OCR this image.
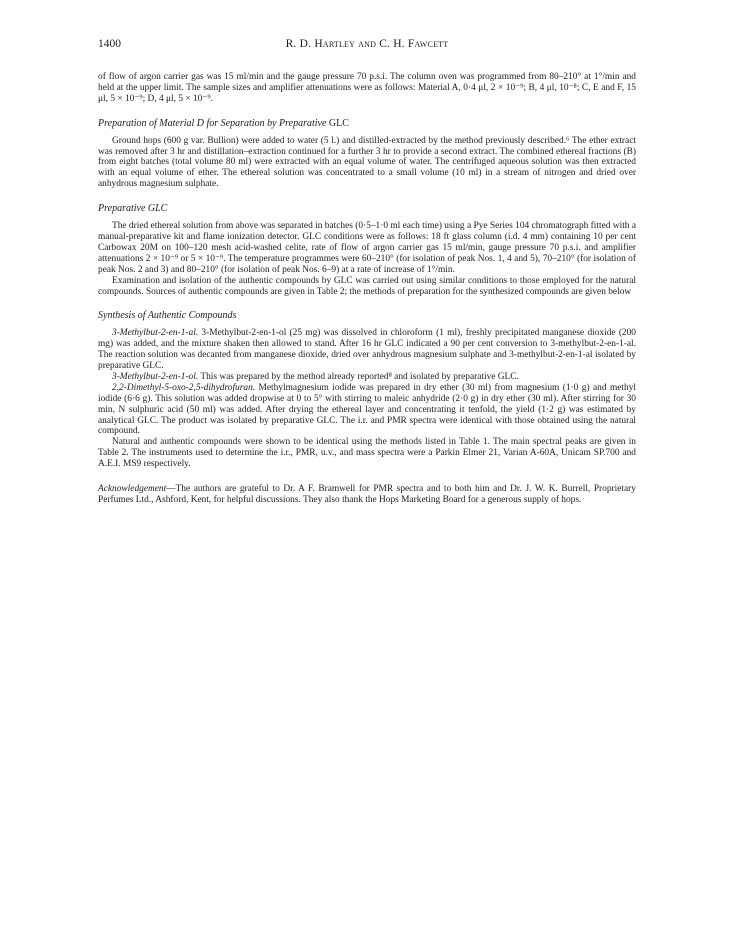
1400	R. D. Hartley and C. H. Fawcett

of flow of argon carrier gas was 15 ml/min and the gauge pressure 70 p.s.i. The column oven was programmed from 80–210° at 1°/min and held at the upper limit. The sample sizes and amplifier attenuations were as follows: Material A, 0·4 μl, 2 × 10⁻⁹; B, 4 μl, 10⁻⁸; C, E and F, 15 μl, 5 × 10⁻⁹; D, 4 μl, 5 × 10⁻⁹.

Preparation of Material D for Separation by Preparative GLC

Ground hops (600 g var. Bullion) were added to water (5 l.) and distilled-extracted by the method previously described.⁶ The ether extract was removed after 3 hr and distillation–extraction continued for a further 3 hr to provide a second extract. The combined ethereal fractions (B) from eight batches (total volume 80 ml) were extracted with an equal volume of water. The centrifuged aqueous solution was then extracted with an equal volume of ether. The ethereal solution was concentrated to a small volume (10 ml) in a stream of nitrogen and dried over anhydrous magnesium sulphate.

Preparative GLC

The dried ethereal solution from above was separated in batches (0·5–1·0 ml each time) using a Pye Series 104 chromatograph fitted with a manual-preparative kit and flame ionization detector. GLC conditions were as follows: 18 ft glass column (i.d. 4 mm) containing 10 per cent Carbowax 20M on 100–120 mesh acid-washed celite, rate of flow of argon carrier gas 15 ml/min, gauge pressure 70 p.s.i. and amplifier attenuations 2 × 10⁻⁹ or 5 × 10⁻⁹. The temperature programmes were 60–210° (for isolation of peak Nos. 1, 4 and 5), 70–210° (for isolation of peak Nos. 2 and 3) and 80–210° (for isolation of peak Nos. 6–9) at a rate of increase of 1°/min.

Examination and isolation of the authentic compounds by GLC was carried out using similar conditions to those employed for the natural compounds. Sources of authentic compounds are given in Table 2; the methods of preparation for the synthesized compounds are given below

Synthesis of Authentic Compounds

3-Methylbut-2-en-1-al. 3-Methylbut-2-en-1-ol (25 mg) was dissolved in chloroform (1 ml), freshly precipitated manganese dioxide (200 mg) was added, and the mixture shaken then allowed to stand. After 16 hr GLC indicated a 90 per cent conversion to 3-methylbut-2-en-1-al. The reaction solution was decanted from manganese dioxide, dried over anhydrous magnesium sulphate and 3-methylbut-2-en-1-al isolated by preparative GLC.

3-Methylbut-2-en-1-ol. This was prepared by the method already reported⁸ and isolated by preparative GLC.

2,2-Dimethyl-5-oxo-2,5-dihydrofuran. Methylmagnesium iodide was prepared in dry ether (30 ml) from magnesium (1·0 g) and methyl iodide (6·6 g). This solution was added dropwise at 0 to 5° with stirring to maleic anhydride (2·0 g) in dry ether (30 ml). After stirring for 30 min, N sulphuric acid (50 ml) was added. After drying the ethereal layer and concentrating it tenfold, the yield (1·2 g) was estimated by analytical GLC. The product was isolated by preparative GLC. The i.r. and PMR spectra were identical with those obtained using the natural compound.

Natural and authentic compounds were shown to be identical using the methods listed in Table 1. The main spectral peaks are given in Table 2. The instruments used to determine the i.r., PMR, u.v., and mass spectra were a Parkin Elmer 21, Varian A-60A, Unicam SP.700 and A.E.I. MS9 respectively.

Acknowledgement—The authors are grateful to Dr. A F. Bramwell for PMR spectra and to both him and Dr. J. W. K. Burrell, Proprietary Perfumes Ltd., Ashford, Kent, for helpful discussions. They also thank the Hops Marketing Board for a generous supply of hops.
